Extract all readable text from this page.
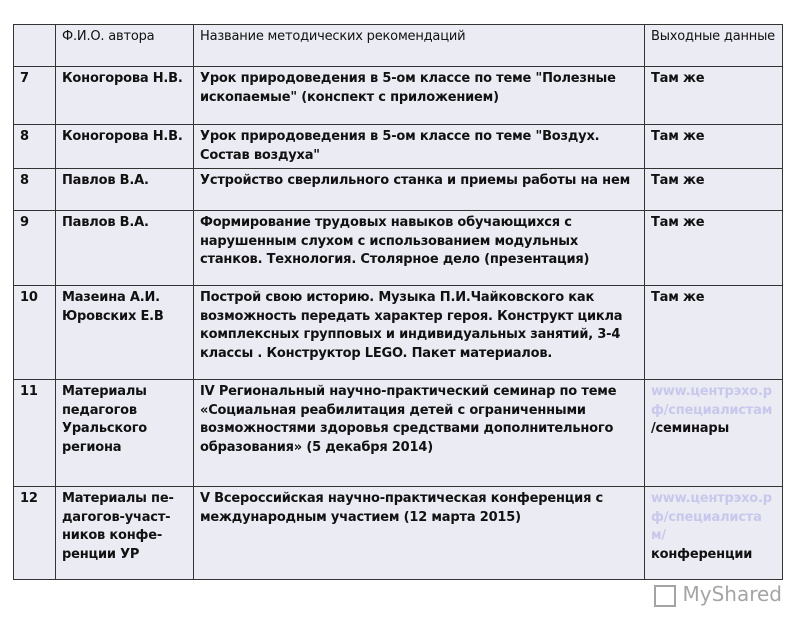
	Ф.И.О. автора	Название методических рекомендаций	Выходные данные
7	Коногорова Н.В.	Урок природоведения в 5-ом классе по теме "Полезные ископаемые" (конспект с приложением)	Там же
8	Коногорова Н.В.	Урок природоведения в 5-ом классе по теме "Воздух. Состав воздуха"	Там же
8	Павлов В.А.	Устройство сверлильного станка и приемы работы на нем	Там же
9	Павлов В.А.	Формирование трудовых навыков обучающихся с нарушенным слухом с использованием модульных станков. Технология. Столярное дело (презентация)	Там же
10	Мазеина А.И. Юровских Е.В	Построй свою историю. Музыка П.И.Чайковского как возможность передать характер героя. Конструкт цикла комплексных групповых и индивидуальных занятий, 3-4 классы . Конструктор LEGO. Пакет материалов.	Там же
11	Материалы педагогов Уральского региона	IV Региональный научно-практический семинар по теме «Социальная реабилитация детей с ограниченными возможностями здоровья средствами дополнительного образования» (5 декабря 2014)	www.центрэхо.рф/специалистам
/семинары
12	Материалы пе-дагогов-участ-ников конфе-ренции УР	V Всероссийская научно-практическая конференция с международным участием (12 марта 2015)	www.центрэхо.рф/специалистам/
конференции
MyShared
